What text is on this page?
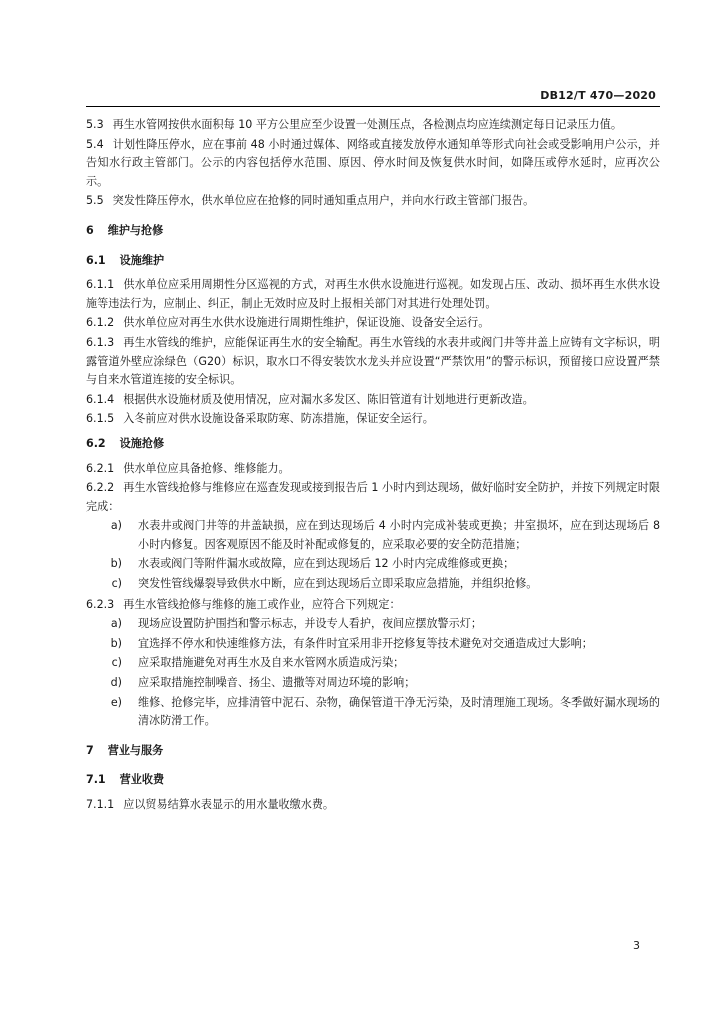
DB12/T 470—2020
5.3 再生水管网按供水面积每 10 平方公里应至少设置一处测压点，各检测点均应连续测定每日记录压力值。
5.4 计划性降压停水，应在事前 48 小时通过媒体、网络或直接发放停水通知单等形式向社会或受影响用户公示，并告知水行政主管部门。公示的内容包括停水范围、原因、停水时间及恢复供水时间，如降压或停水延时，应再次公示。
5.5 突发性降压停水，供水单位应在抢修的同时通知重点用户，并向水行政主管部门报告。
6 维护与抢修
6.1 设施维护
6.1.1 供水单位应采用周期性分区巡视的方式，对再生水供水设施进行巡视。如发现占压、改动、损坏再生水供水设施等违法行为，应制止、纠正，制止无效时应及时上报相关部门对其进行处理处罚。
6.1.2 供水单位应对再生水供水设施进行周期性维护，保证设施、设备安全运行。
6.1.3 再生水管线的维护，应能保证再生水的安全输配。再生水管线的水表井或阀门井等井盖上应铸有文字标识，明露管道外壁应涂绿色（G20）标识，取水口不得安装饮水龙头并应设置“严禁饮用”的警示标识，预留接口应设置严禁与自来水管道连接的安全标识。
6.1.4 根据供水设施材质及使用情况，应对漏水多发区、陈旧管道有计划地进行更新改造。
6.1.5 入冬前应对供水设施设备采取防寒、防冻措施，保证安全运行。
6.2 设施抢修
6.2.1 供水单位应具备抢修、维修能力。
6.2.2 再生水管线抢修与维修应在巡查发现或接到报告后 1 小时内到达现场，做好临时安全防护，并按下列规定时限完成：
a)	水表井或阀门井等的井盖缺损，应在到达现场后 4 小时内完成补装或更换；井室损坏，应在到达现场后 8 小时内修复。因客观原因不能及时补配或修复的，应采取必要的安全防范措施；
b)	水表或阀门等附件漏水或故障，应在到达现场后 12 小时内完成维修或更换；
c)	突发性管线爆裂导致供水中断，应在到达现场后立即采取应急措施，并组织抢修。
6.2.3 再生水管线抢修与维修的施工或作业，应符合下列规定：
a)	现场应设置防护围挡和警示标志，并设专人看护，夜间应摆放警示灯；
b)	宜选择不停水和快速维修方法，有条件时宜采用非开挖修复等技术避免对交通造成过大影响；
c)	应采取措施避免对再生水及自来水管网水质造成污染；
d)	应采取措施控制噪音、扬尘、遗撒等对周边环境的影响；
e)	维修、抢修完毕，应排清管中泥石、杂物，确保管道干净无污染，及时清理施工现场。冬季做好漏水现场的清冰防滑工作。
7 营业与服务
7.1 营业收费
7.1.1 应以贸易结算水表显示的用水量收缴水费。
3
